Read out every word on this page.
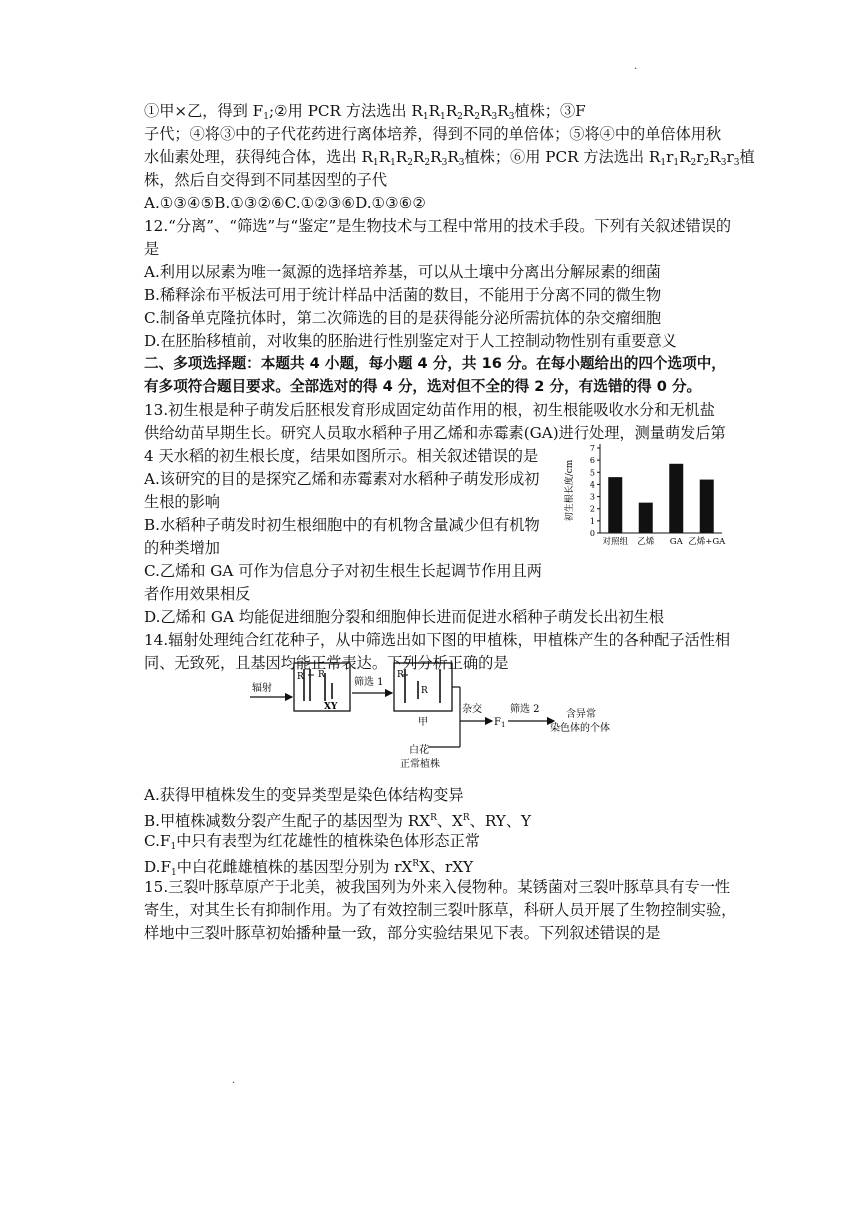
·
①甲×乙，得到 $F_1;②$用 PCR 方法选出 $R_1R_1R_2R_2R_3R_3$植株；③F
子代；④将③中的子代花药进行离体培养，得到不同的单倍体；⑤将④中的单倍体用秋
水仙素处理，获得纯合体，选出 $R_1R_1R_2R_2R_3R_3$植株；⑥用 PCR 方法选出 $R_1r_1R_2r_2R_3r_3$植
株，然后自交得到不同基因型的子代
A.①③④⑤B.①③②⑥C.①②③⑥D.①③⑥②
12.“分离”、“筛选”与“鉴定”是生物技术与工程中常用的技术手段。下列有关叙述错误的
是
A.利用以尿素为唯一氮源的选择培养基，可以从土壤中分离出分解尿素的细菌
B.稀释涂布平板法可用于统计样品中活菌的数目，不能用于分离不同的微生物
C.制备单克隆抗体时，第二次筛选的目的是获得能分泌所需抗体的杂交瘤细胞
D.在胚胎移植前，对收集的胚胎进行性别鉴定对于人工控制动物性别有重要意义
二、多项选择题：本题共 4 小题，每小题 4 分，共 16 分。在每小题给出的四个选项中，
有多项符合题目要求。全部选对的得 4 分，选对但不全的得 2 分，有选错的得 0 分。
13.初生根是种子萌发后胚根发育形成固定幼苗作用的根，初生根能吸收水分和无机盐
供给幼苗早期生长。研究人员取水稻种子用乙烯和赤霉素(GA)进行处理，测量萌发后第
4 天水稻的初生根长度，结果如图所示。相关叙述错误的是
A.该研究的目的是探究乙烯和赤霉素对水稻种子萌发形成初
生根的影响
B.水稻种子萌发时初生根细胞中的有机物含量减少但有机物
的种类增加
C.乙烯和 GA 可作为信息分子对初生根生长起调节作用且两
者作用效果相反
D.乙烯和 GA 均能促进细胞分裂和细胞伸长进而促进水稻种子萌发长出初生根
初生根长度/cm
0
1
2
3
4
5
6
7
对照组 乙烯 GA 乙烯+GA
14.辐射处理纯合红花种子，从中筛选出如下图的甲植株，甲植株产生的各种配子活性相
同、无致死，且基因均能正常表达。下列分析正确的是
辐射
R R
XY
筛选 1
R
R
甲
杂交
$F_1$
筛选 2	含异常
染色体的个体
白花
正常植株
A.获得甲植株发生的变异类型是染色体结构变异
B.甲植株减数分裂产生配子的基因型为 $RX^R$、$X^R$、RY、Y
$C.F_1$中只有表型为红花雄性的植株染色体形态正常
$D.F_1$中白花雌雄植株的基因型分别为 $rX^RX$、rXY
15.三裂叶豚草原产于北美，被我国列为外来入侵物种。某锈菌对三裂叶豚草具有专一性
寄生，对其生长有抑制作用。为了有效控制三裂叶豚草，科研人员开展了生物控制实验，
样地中三裂叶豚草初始播种量一致，部分实验结果见下表。下列叙述错误的是
·
